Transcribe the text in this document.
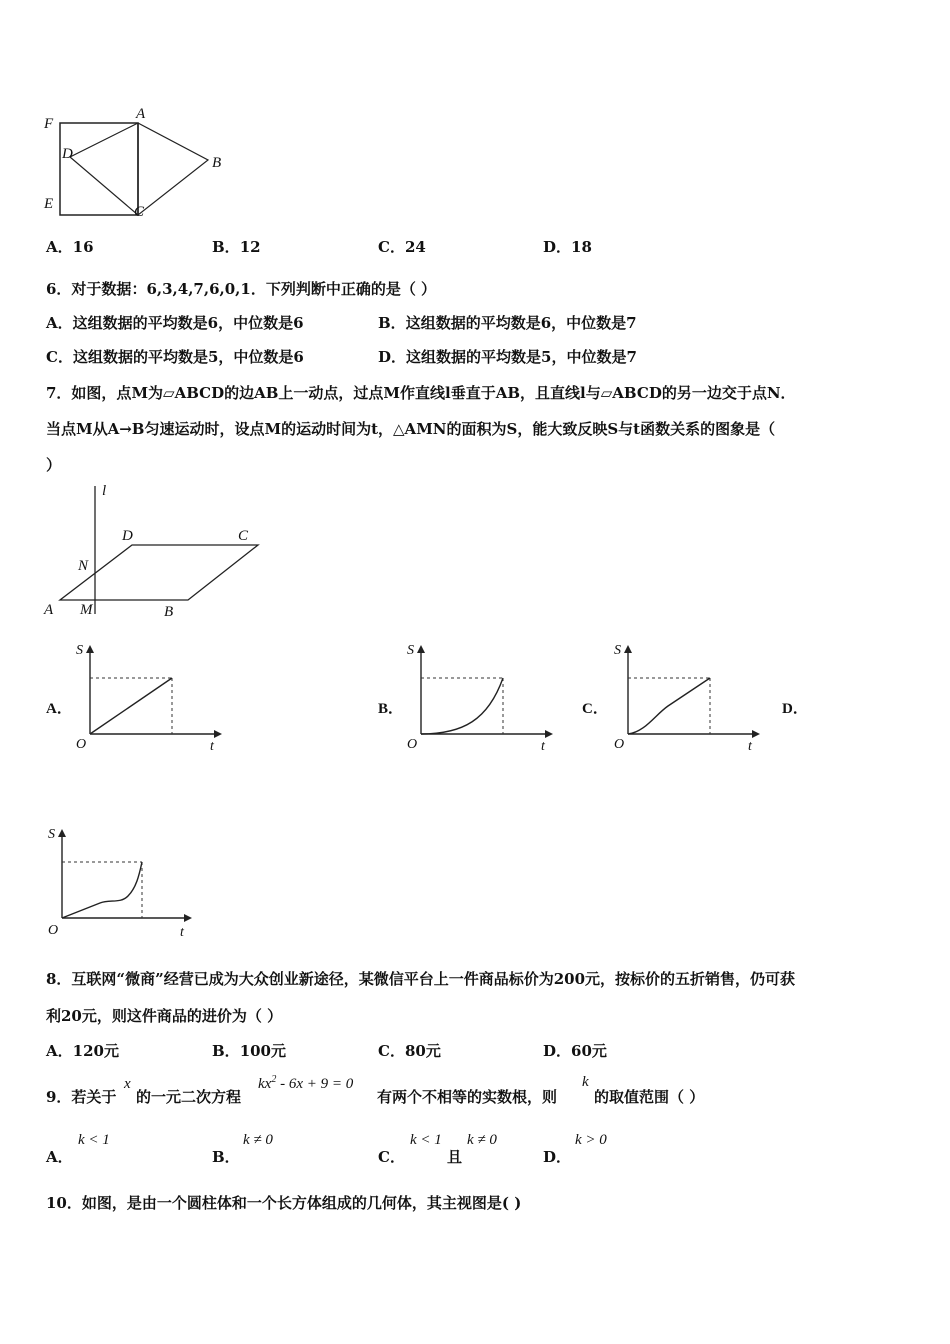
F
A
D
B
E	C
A．16	B．12	C．24	D．18
6．对于数据：6,3,4,7,6,0,1．下列判断中正确的是（ ）
A．这组数据的平均数是6，中位数是6	B．这组数据的平均数是6，中位数是7
C．这组数据的平均数是5，中位数是6	D．这组数据的平均数是5，中位数是7
7．如图，点M为▱ABCD的边AB上一动点，过点M作直线l垂直于AB，且直线l与▱ABCD的另一边交于点N．
当点M从A→B匀速运动时，设点M的运动时间为t，△AMN的面积为S，能大致反映S与t函数关系的图象是（
）
l
D	C
N
A M	B
A．
S
O	t
B．
S
O	t
C．
S
O	t
D．
S
O	t
8．互联网“微商”经营已成为大众创业新途径，某微信平台上一件商品标价为200元，按标价的五折销售，仍可获
利20元，则这件商品的进价为（ ）
A．120元	B．100元	C．80元	D．60元
9．若关于
x
的一元二次方程
$kx^2 - 6x + 9 = 0$
有两个不相等的实数根，则
k
的取值范围（ ）
A．
k < 1
B．
k ≠ 0
C．
k < 1
且
k ≠ 0
D．
k > 0
10．如图，是由一个圆柱体和一个长方体组成的几何体，其主视图是( )
